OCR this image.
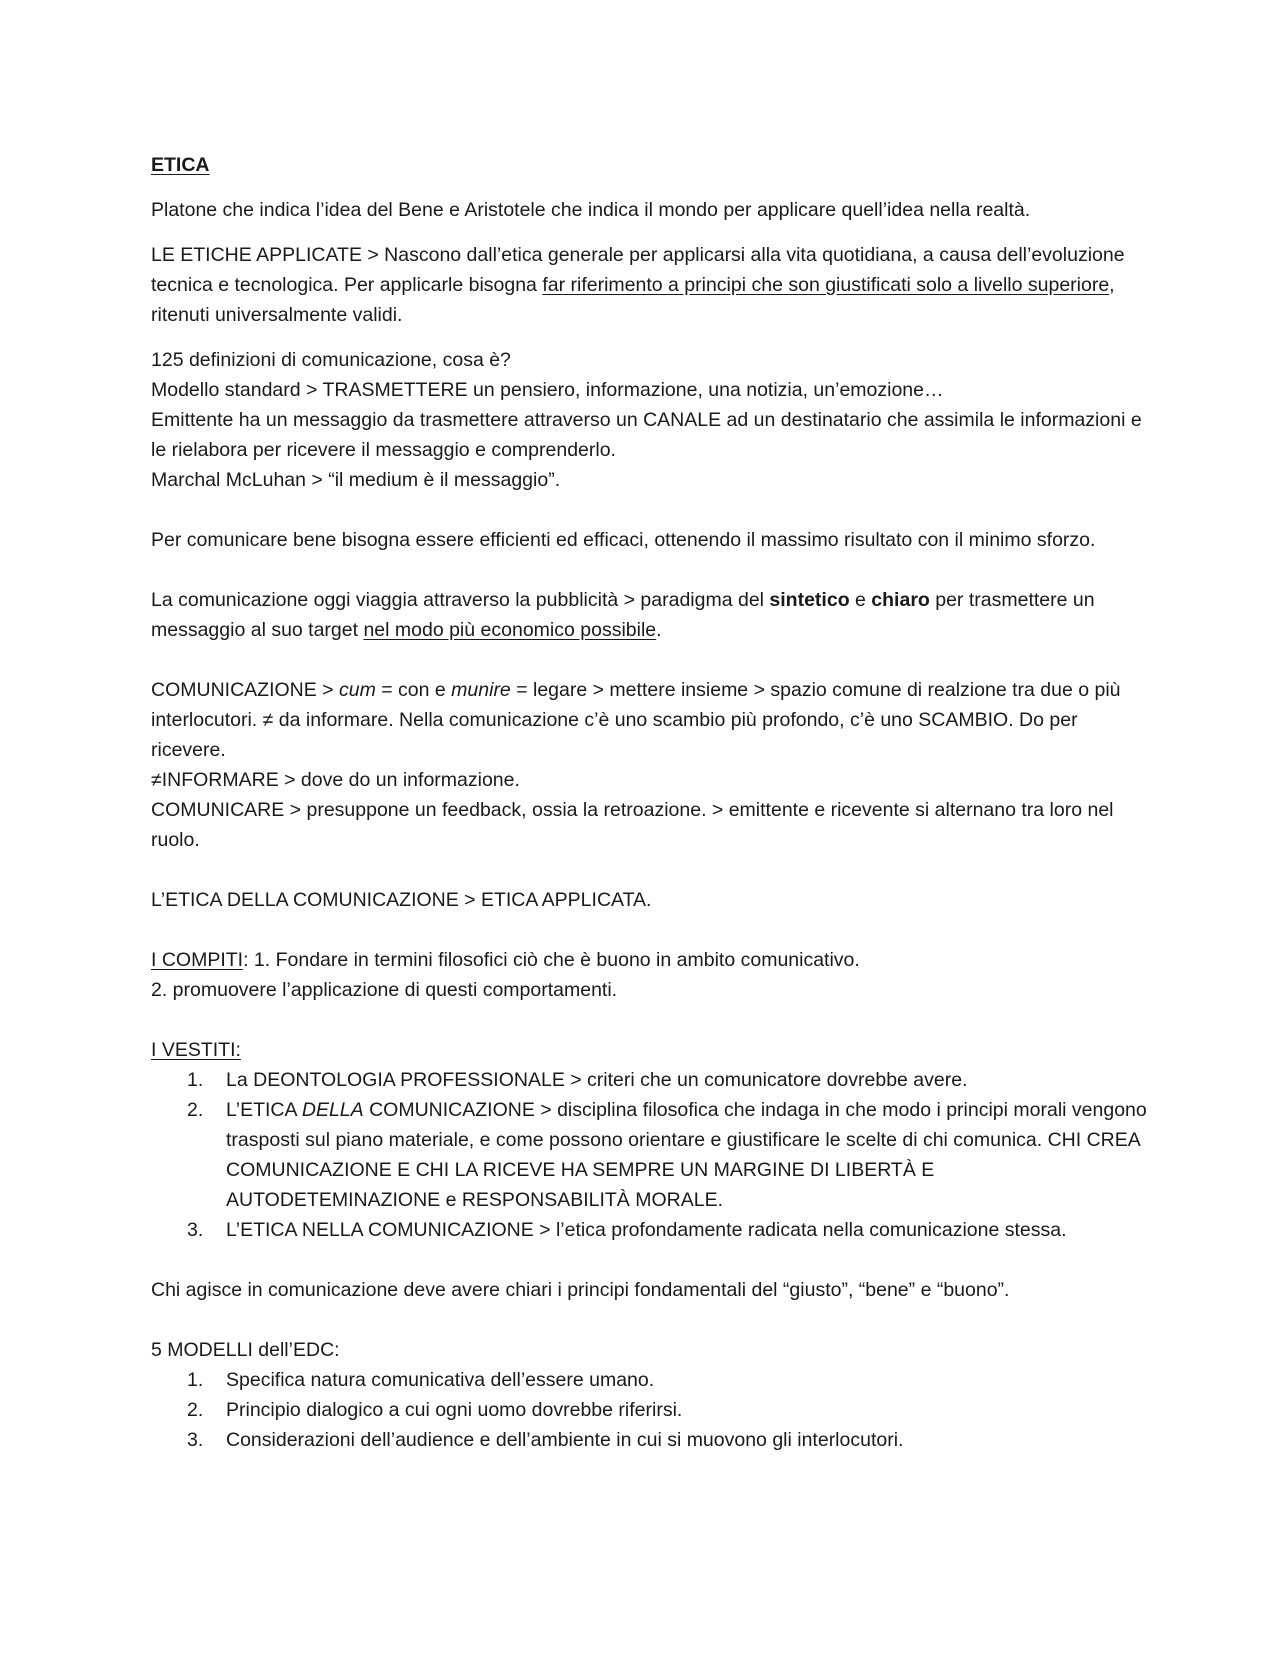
ETICA

Platone che indica l’idea del Bene e Aristotele che indica il mondo per applicare quell’idea nella realtà.

LE ETICHE APPLICATE > Nascono dall’etica generale per applicarsi alla vita quotidiana, a causa dell’evoluzione tecnica e tecnologica. Per applicarle bisogna far riferimento a principi che son giustificati solo a livello superiore, ritenuti universalmente validi.

125 definizioni di comunicazione, cosa è?

Modello standard > TRASMETTERE un pensiero, informazione, una notizia, un’emozione…

Emittente ha un messaggio da trasmettere attraverso un CANALE ad un destinatario che assimila le informazioni e le rielabora per ricevere il messaggio e comprenderlo.

Marchal McLuhan > “il medium è il messaggio”.

Per comunicare bene bisogna essere efficienti ed efficaci, ottenendo il massimo risultato con il minimo sforzo.

La comunicazione oggi viaggia attraverso la pubblicità > paradigma del sintetico e chiaro per trasmettere un messaggio al suo target nel modo più economico possibile.

COMUNICAZIONE > cum = con e munire = legare > mettere insieme > spazio comune di realzione tra due o più interlocutori. ≠ da informare. Nella comunicazione c’è uno scambio più profondo, c’è uno SCAMBIO. Do per ricevere.

≠INFORMARE > dove do un informazione.

COMUNICARE > presuppone un feedback, ossia la retroazione. > emittente e ricevente si alternano tra loro nel ruolo.

L’ETICA DELLA COMUNICAZIONE > ETICA APPLICATA.

I COMPITI: 1. Fondare in termini filosofici ciò che è buono in ambito comunicativo.

2. promuovere l’applicazione di questi comportamenti.

I VESTITI:

1. La DEONTOLOGIA PROFESSIONALE > criteri che un comunicatore dovrebbe avere.
2. L’ETICA DELLA COMUNICAZIONE > disciplina filosofica che indaga in che modo i principi morali vengono trasposti sul piano materiale, e come possono orientare e giustificare le scelte di chi comunica. CHI CREA COMUNICAZIONE E CHI LA RICEVE HA SEMPRE UN MARGINE DI LIBERTÀ E AUTODETEMINAZIONE e RESPONSABILITÀ MORALE.
3. L’ETICA NELLA COMUNICAZIONE > l’etica profondamente radicata nella comunicazione stessa.

Chi agisce in comunicazione deve avere chiari i principi fondamentali del “giusto”, “bene” e “buono”.

5 MODELLI dell’EDC:

1. Specifica natura comunicativa dell’essere umano.
2. Principio dialogico a cui ogni uomo dovrebbe riferirsi.
3. Considerazioni dell’audience e dell’ambiente in cui si muovono gli interlocutori.
